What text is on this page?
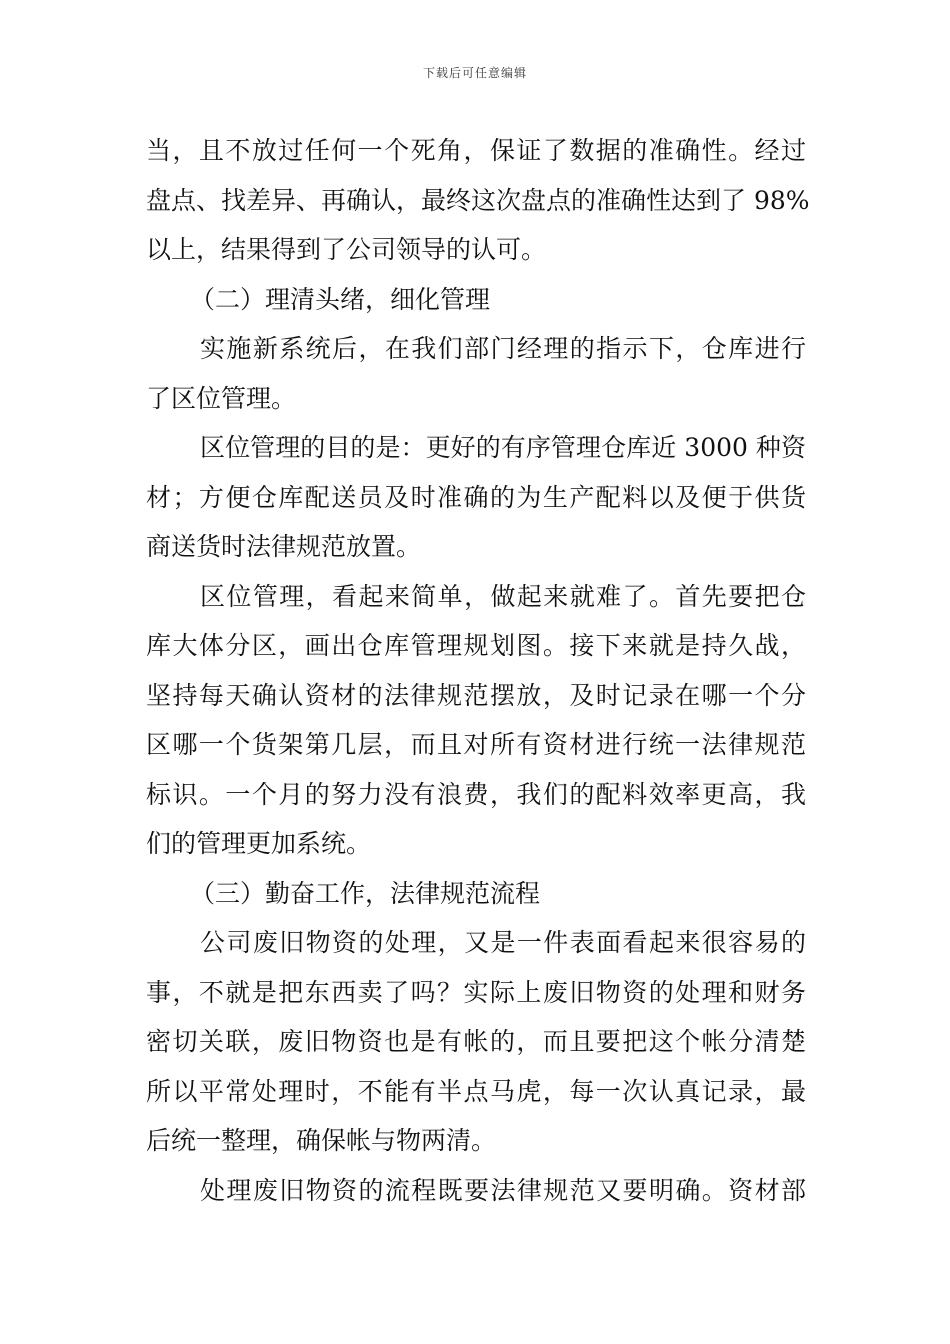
下载后可任意编辑
当，且不放过任何一个死角，保证了数据的准确性。经过
盘点、找差异、再确认，最终这次盘点的准确性达到了 98%
以上，结果得到了公司领导的认可。
（二）理清头绪，细化管理
实施新系统后，在我们部门经理的指示下，仓库进行
了区位管理。
区位管理的目的是：更好的有序管理仓库近 3000 种资
材；方便仓库配送员及时准确的为生产配料以及便于供货
商送货时法律规范放置。
区位管理，看起来简单，做起来就难了。首先要把仓
库大体分区，画出仓库管理规划图。接下来就是持久战，
坚持每天确认资材的法律规范摆放，及时记录在哪一个分
区哪一个货架第几层，而且对所有资材进行统一法律规范
标识。一个月的努力没有浪费，我们的配料效率更高，我
们的管理更加系统。
（三）勤奋工作，法律规范流程
公司废旧物资的处理，又是一件表面看起来很容易的
事，不就是把东西卖了吗？实际上废旧物资的处理和财务
密切关联，废旧物资也是有帐的，而且要把这个帐分清楚
所以平常处理时，不能有半点马虎，每一次认真记录，最
后统一整理，确保帐与物两清。
处理废旧物资的流程既要法律规范又要明确。资材部
